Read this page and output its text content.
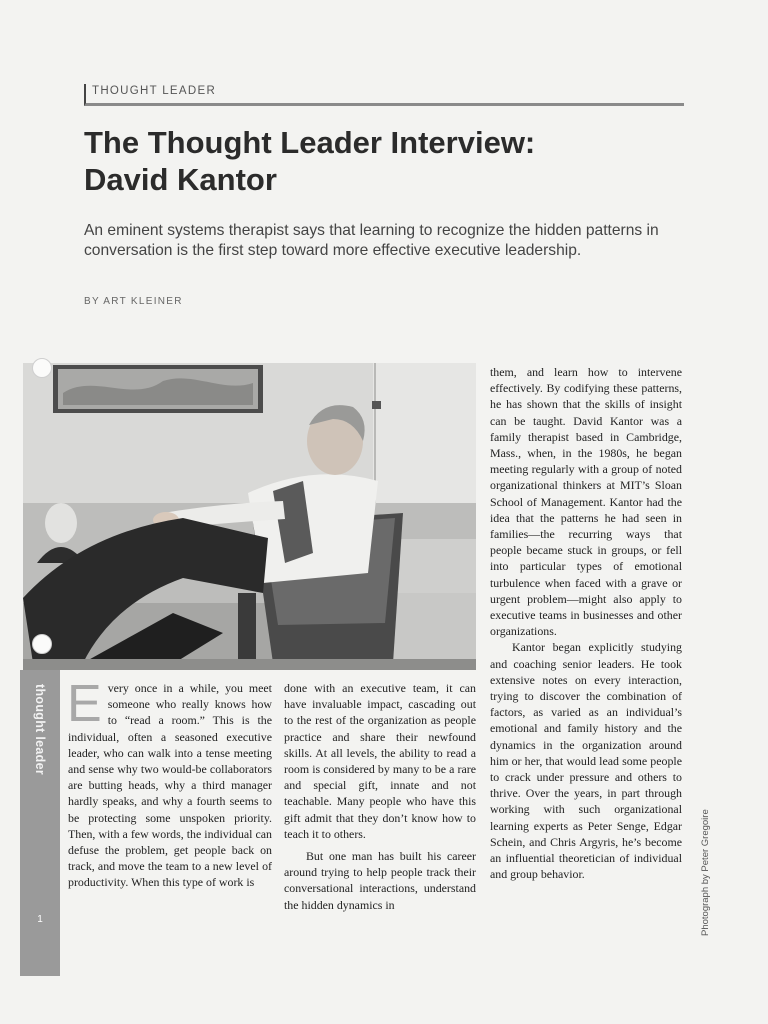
THOUGHT LEADER
The Thought Leader Interview:
David Kantor

An eminent systems therapist says that learning to recognize the hidden patterns in conversation is the first step toward more effective executive leadership.

BY ART KLEINER
thought leader
1

Every once in a while, you meet someone who really knows how to “read a room.” This is the individual, often a seasoned executive leader, who can walk into a tense meeting and sense why two would-be collaborators are butting heads, why a third manager hardly speaks, and why a fourth seems to be protecting some unspoken priority. Then, with a few words, the individual can defuse the problem, get people back on track, and move the team to a new level of productivity. When this type of work is

done with an executive team, it can have invaluable impact, cascading out to the rest of the organization as people practice and share their newfound skills. At all levels, the ability to read a room is considered by many to be a rare and special gift, innate and not teachable. Many people who have this gift admit that they don’t know how to teach it to others.

But one man has built his career around trying to help people track their conversational interactions, understand the hidden dynamics in

them, and learn how to intervene effectively. By codifying these patterns, he has shown that the skills of insight can be taught. David Kantor was a family therapist based in Cambridge, Mass., when, in the 1980s, he began meeting regularly with a group of noted organizational thinkers at MIT’s Sloan School of Management. Kantor had the idea that the patterns he had seen in families—the recurring ways that people became stuck in groups, or fell into particular types of emotional turbulence when faced with a grave or urgent problem—might also apply to executive teams in businesses and other organizations.

Kantor began explicitly studying and coaching senior leaders. He took extensive notes on every interaction, trying to discover the combination of factors, as varied as an individual’s emotional and family history and the dynamics in the organization around him or her, that would lead some people to crack under pressure and others to thrive. Over the years, in part through working with such organizational learning experts as Peter Senge, Edgar Schein, and Chris Argyris, he’s become an influential theoretician of individual and group behavior.	Photograph by Peter Gregoire
